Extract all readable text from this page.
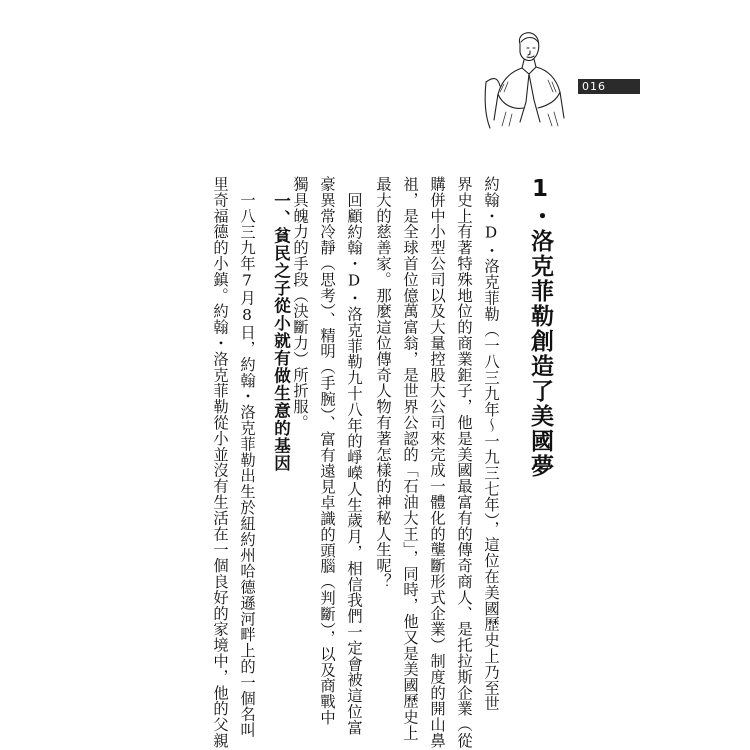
016
1・洛克菲勒創造了美國夢
約翰・D・洛克菲勒（一八三九年～一九三七年），這位在美國歷史上乃至世
界史上有著特殊地位的商業鉅子，他是美國最富有的傳奇商人、是托拉斯企業（從
購併中小型公司以及大量控股大公司來完成一體化的壟斷形式企業）制度的開山鼻
祖，是全球首位億萬富翁，是世界公認的「石油大王」，同時，他又是美國歷史上
最大的慈善家。那麼這位傳奇人物有著怎樣的神秘人生呢？
回顧約翰・D・洛克菲勒九十八年的崢嶸人生歲月，相信我們一定會被這位富
豪異常冷靜（思考）、精明（手腕）、富有遠見卓識的頭腦（判斷），以及商戰中
獨具魄力的手段（決斷力）所折服。
一、貧民之子從小就有做生意的基因
一八三九年7月8日，約翰・洛克菲勒出生於紐約州哈德遜河畔上的一個名叫
里奇福德的小鎮。約翰・洛克菲勒從小並沒有生活在一個良好的家境中，他的父親
